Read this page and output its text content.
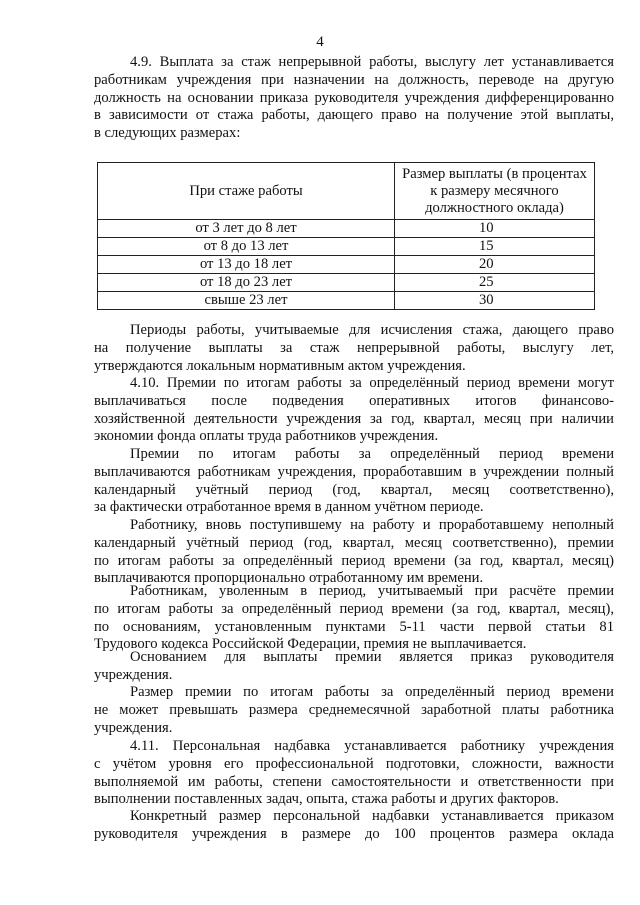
4

4.9. Выплата за стаж непрерывной работы, выслугу лет устанавливается
работникам учреждения при назначении на должность, переводе на другую
должность на основании приказа руководителя учреждения дифференцированно
в зависимости от стажа работы, дающего право на получение этой выплаты,
в следующих размерах:

При стаже работы	Размер выплаты (в процентах
к размеру месячного
должностного оклада)
от 3 лет до 8 лет	10
от 8 до 13 лет	15
от 13 до 18 лет	20
от 18 до 23 лет	25
свыше 23 лет	30

Периоды работы, учитываемые для исчисления стажа, дающего право
на получение выплаты за стаж непрерывной работы, выслугу лет,
утверждаются локальным нормативным актом учреждения.

4.10. Премии по итогам работы за определённый период времени могут
выплачиваться после подведения оперативных итогов финансово-
хозяйственной деятельности учреждения за год, квартал, месяц при наличии
экономии фонда оплаты труда работников учреждения.

Премии по итогам работы за определённый период времени
выплачиваются работникам учреждения, проработавшим в учреждении полный
календарный учётный период (год, квартал, месяц соответственно),
за фактически отработанное время в данном учётном периоде.

Работнику, вновь поступившему на работу и проработавшему неполный
календарный учётный период (год, квартал, месяц соответственно), премии
по итогам работы за определённый период времени (за год, квартал, месяц)
выплачиваются пропорционально отработанному им времени.

Работникам, уволенным в период, учитываемый при расчёте премии
по итогам работы за определённый период времени (за год, квартал, месяц),
по основаниям, установленным пунктами 5-11 части первой статьи 81
Трудового кодекса Российской Федерации, премия не выплачивается.

Основанием для выплаты премии является приказ руководителя
учреждения.

Размер премии по итогам работы за определённый период времени
не может превышать размера среднемесячной заработной платы работника
учреждения.

4.11. Персональная надбавка устанавливается работнику учреждения
с учётом уровня его профессиональной подготовки, сложности, важности
выполняемой им работы, степени самостоятельности и ответственности при
выполнении поставленных задач, опыта, стажа работы и других факторов.

Конкретный размер персональной надбавки устанавливается приказом
руководителя учреждения в размере до 100 процентов размера оклада
